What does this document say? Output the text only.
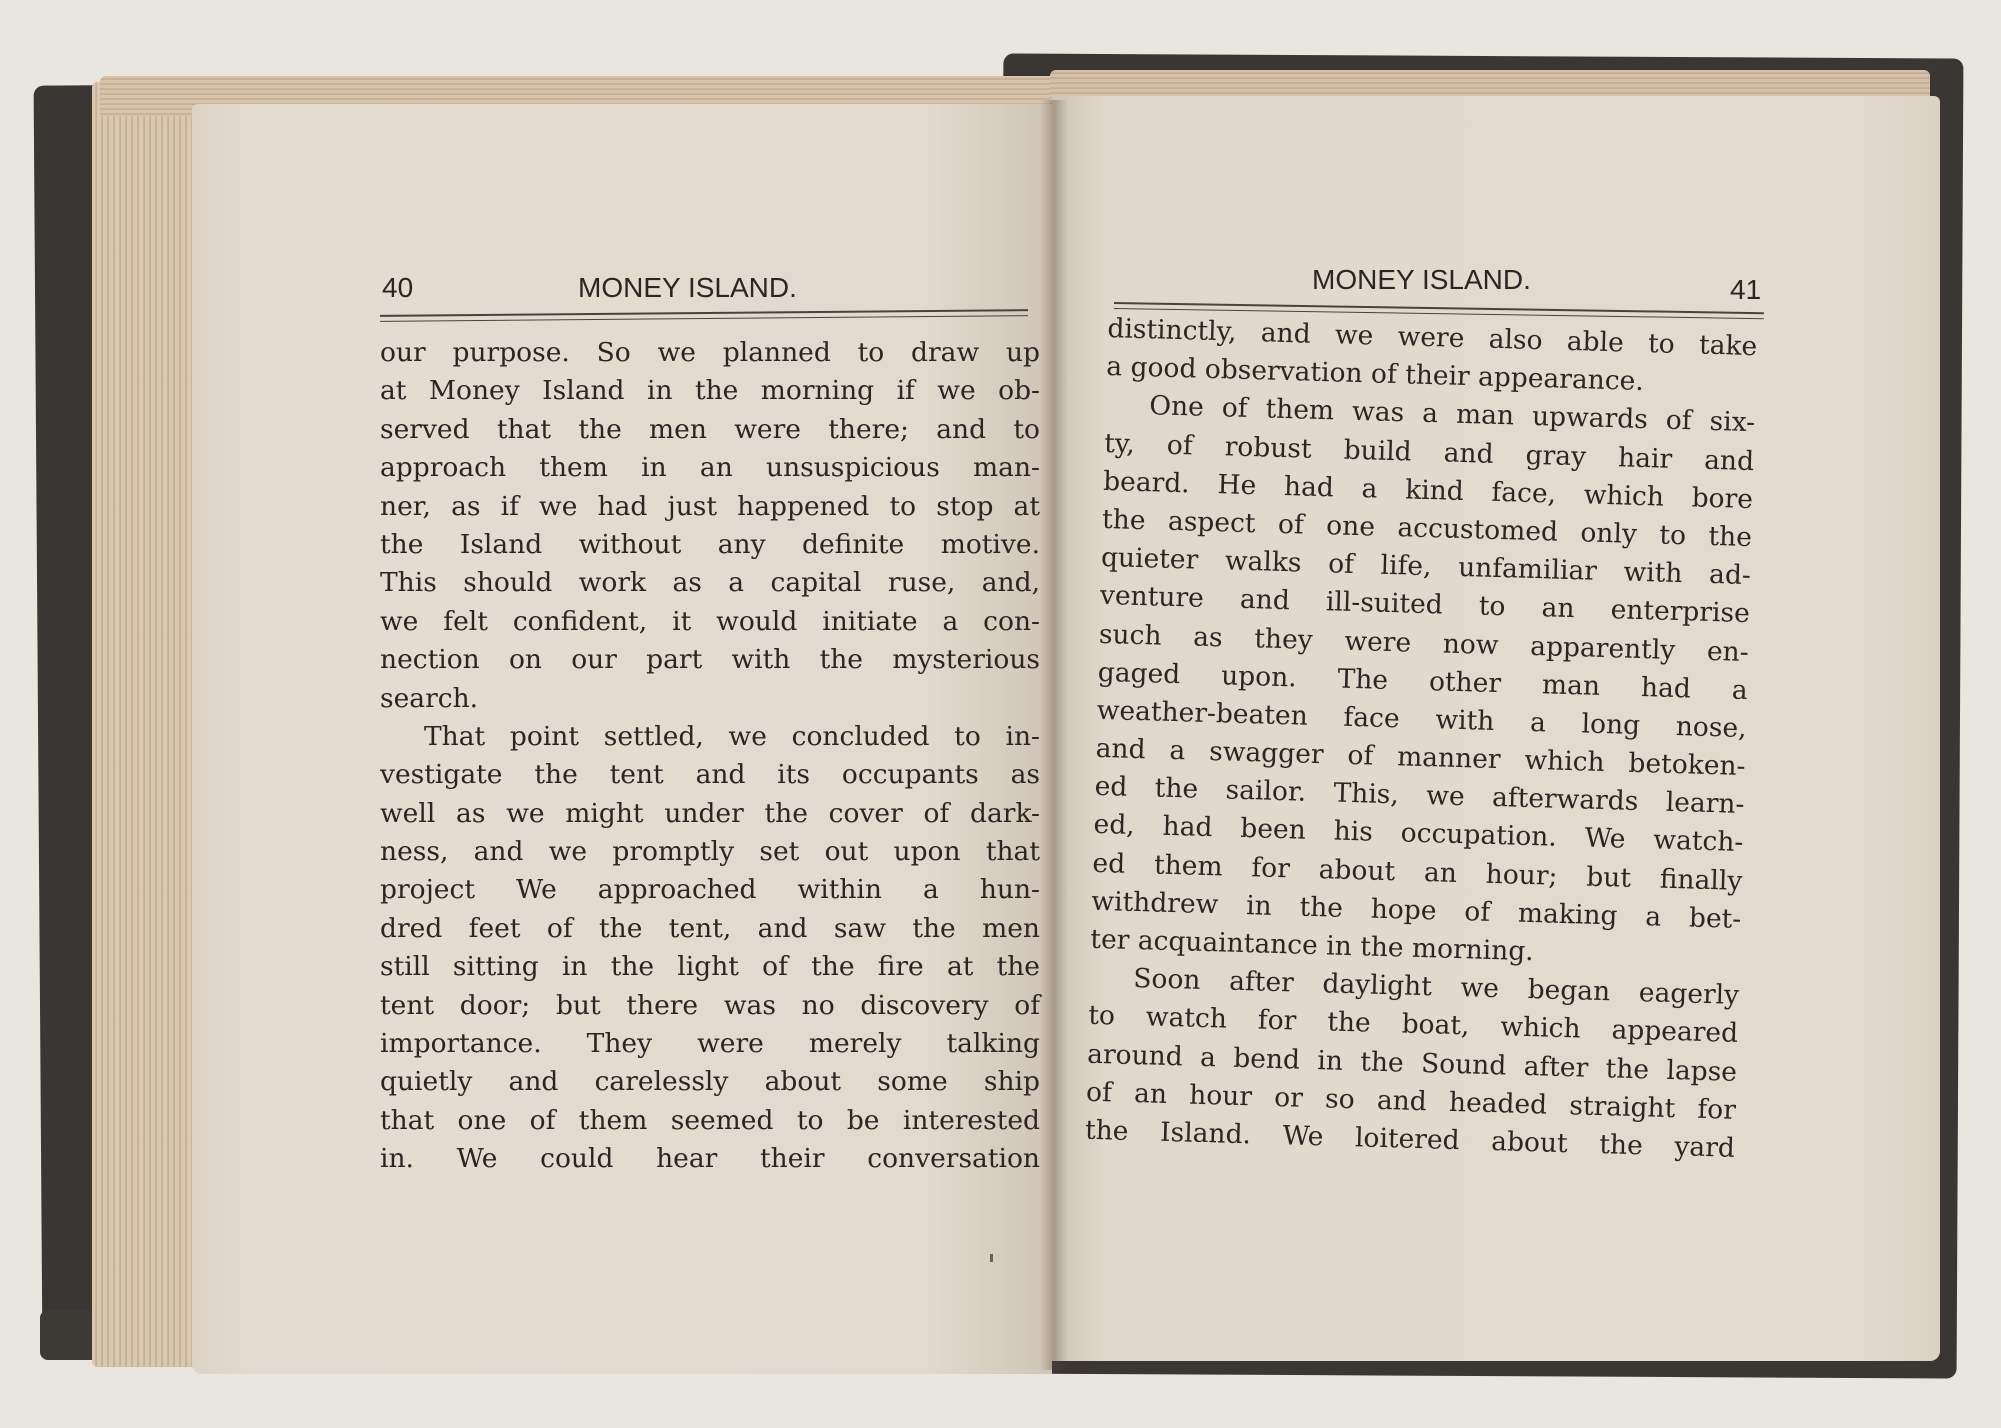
40	MONEY ISLAND.	MONEY ISLAND.	41
our purpose. So we planned to draw up
at Money Island in the morning if we ob-
served that the men were there; and to
approach them in an unsuspicious man-
ner, as if we had just happened to stop at
the Island without any definite motive.
This should work as a capital ruse, and,
we felt confident, it would initiate a con-
nection on our part with the mysterious
search.
That point settled, we concluded to in-
vestigate the tent and its occupants as
well as we might under the cover of dark-
ness, and we promptly set out upon that
project We approached within a hun-
dred feet of the tent, and saw the men
still sitting in the light of the fire at the
tent door; but there was no discovery of
importance. They were merely talking
quietly and carelessly about some ship
that one of them seemed to be interested
in. We could hear their conversation
distinctly, and we were also able to take
a good observation of their appearance.
One of them was a man upwards of six-
ty, of robust build and gray hair and
beard. He had a kind face, which bore
the aspect of one accustomed only to the
quieter walks of life, unfamiliar with ad-
venture and ill-suited to an enterprise
such as they were now apparently en-
gaged upon. The other man had a
weather-beaten face with a long nose,
and a swagger of manner which betoken-
ed the sailor. This, we afterwards learn-
ed, had been his occupation. We watch-
ed them for about an hour; but finally
withdrew in the hope of making a bet-
ter acquaintance in the morning.
Soon after daylight we began eagerly
to watch for the boat, which appeared
around a bend in the Sound after the lapse
of an hour or so and headed straight for
the Island. We loitered about the yard
